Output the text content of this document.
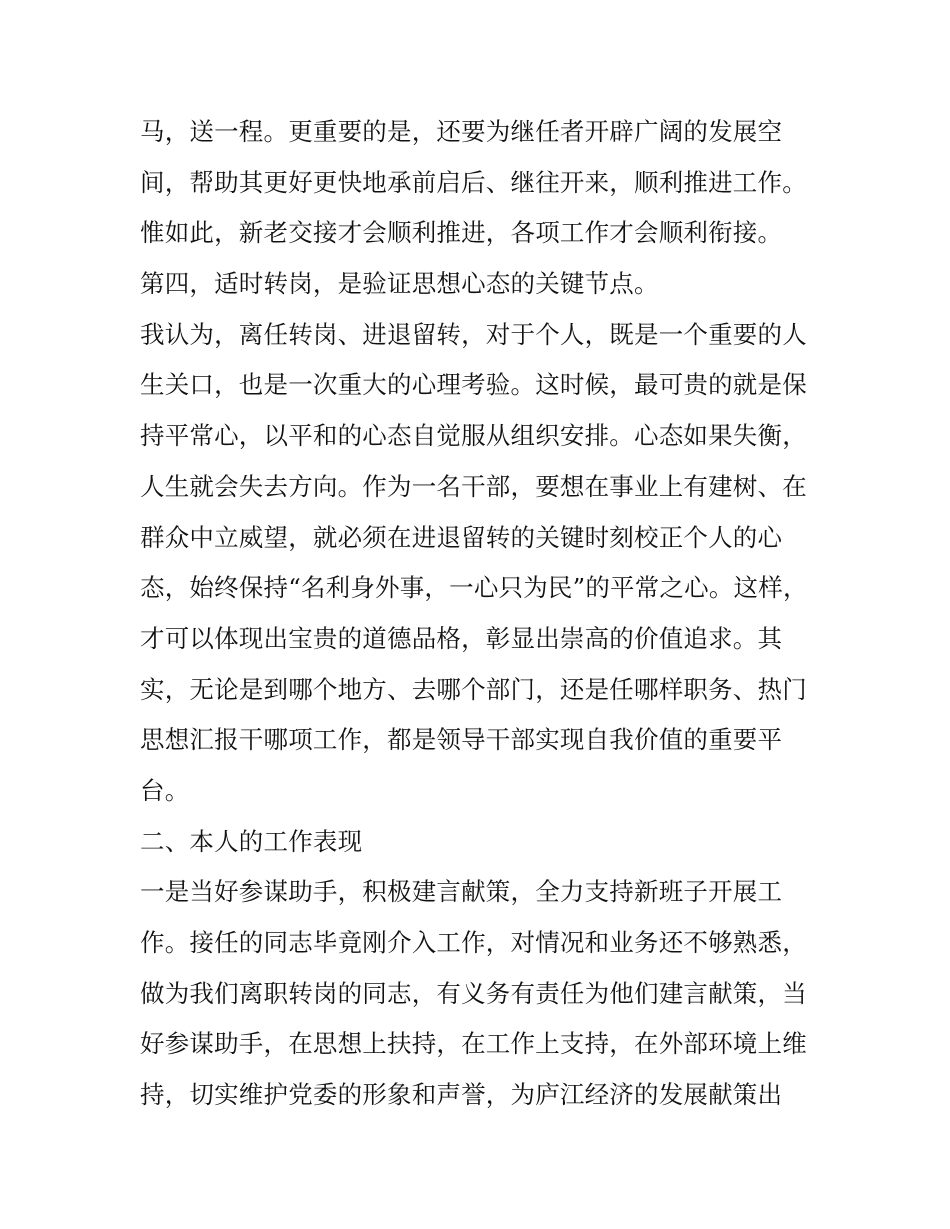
马，送一程。更重要的是，还要为继任者开辟广阔的发展空
间，帮助其更好更快地承前启后、继往开来，顺利推进工作。
惟如此，新老交接才会顺利推进，各项工作才会顺利衔接。
第四，适时转岗，是验证思想心态的关键节点。
我认为，离任转岗、进退留转，对于个人，既是一个重要的人
生关口，也是一次重大的心理考验。这时候，最可贵的就是保
持平常心，以平和的心态自觉服从组织安排。心态如果失衡，
人生就会失去方向。作为一名干部，要想在事业上有建树、在
群众中立威望，就必须在进退留转的关键时刻校正个人的心
态，始终保持“名利身外事，一心只为民”的平常之心。这样，
才可以体现出宝贵的道德品格，彰显出崇高的价值追求。其
实，无论是到哪个地方、去哪个部门，还是任哪样职务、热门
思想汇报干哪项工作，都是领导干部实现自我价值的重要平
台。
二、本人的工作表现
一是当好参谋助手，积极建言献策，全力支持新班子开展工
作。接任的同志毕竟刚介入工作，对情况和业务还不够熟悉，
做为我们离职转岗的同志，有义务有责任为他们建言献策，当
好参谋助手，在思想上扶持，在工作上支持，在外部环境上维
持，切实维护党委的形象和声誉，为庐江经济的发展献策出
